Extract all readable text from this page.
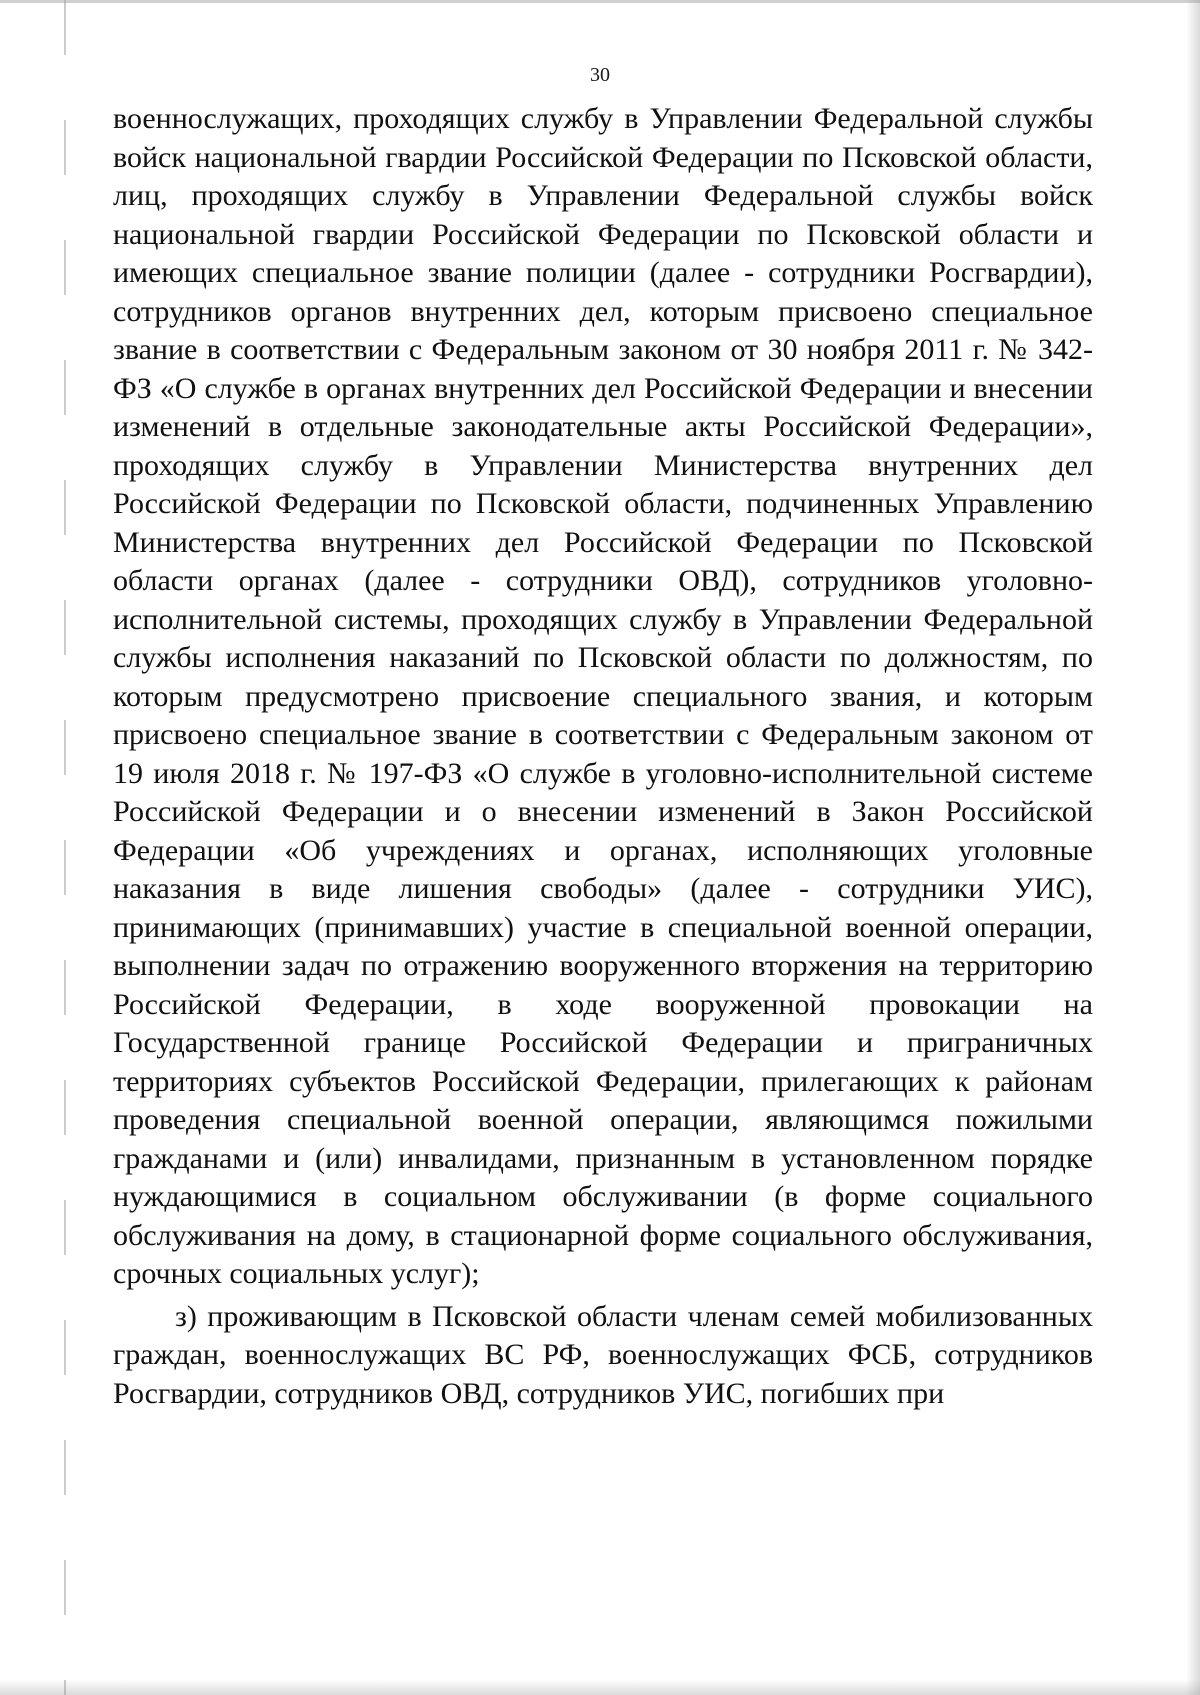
30

военнослужащих, проходящих службу в Управлении Федеральной службы войск национальной гвардии Российской Федерации по Псковской области, лиц, проходящих службу в Управлении Федеральной службы войск национальной гвардии Российской Федерации по Псковской области и имеющих специальное звание полиции (далее - сотрудники Росгвардии), сотрудников органов внутренних дел, которым присвоено специальное звание в соответствии с Федеральным законом от 30 ноября 2011 г. № 342-ФЗ «О службе в органах внутренних дел Российской Федерации и внесении изменений в отдельные законодательные акты Российской Федерации», проходящих службу в Управлении Министерства внутренних дел Российской Федерации по Псковской области, подчиненных Управлению Министерства внутренних дел Российской Федерации по Псковской области органах (далее - сотрудники ОВД), сотрудников уголовно-исполнительной системы, проходящих службу в Управлении Федеральной службы исполнения наказаний по Псковской области по должностям, по которым предусмотрено присвоение специального звания, и которым присвоено специальное звание в соответствии с Федеральным законом от 19 июля 2018 г. № 197-ФЗ «О службе в уголовно-исполнительной системе Российской Федерации и о внесении изменений в Закон Российской Федерации «Об учреждениях и органах, исполняющих уголовные наказания в виде лишения свободы» (далее - сотрудники УИС), принимающих (принимавших) участие в специальной военной операции, выполнении задач по отражению вооруженного вторжения на территорию Российской Федерации, в ходе вооруженной провокации на Государственной границе Российской Федерации и приграничных территориях субъектов Российской Федерации, прилегающих к районам проведения специальной военной операции, являющимся пожилыми гражданами и (или) инвалидами, признанным в установленном порядке нуждающимися в социальном обслуживании (в форме социального обслуживания на дому, в стационарной форме социального обслуживания, срочных социальных услуг);

з) проживающим в Псковской области членам семей мобилизованных граждан, военнослужащих ВС РФ, военнослужащих ФСБ, сотрудников Росгвардии, сотрудников ОВД, сотрудников УИС, погибших при
